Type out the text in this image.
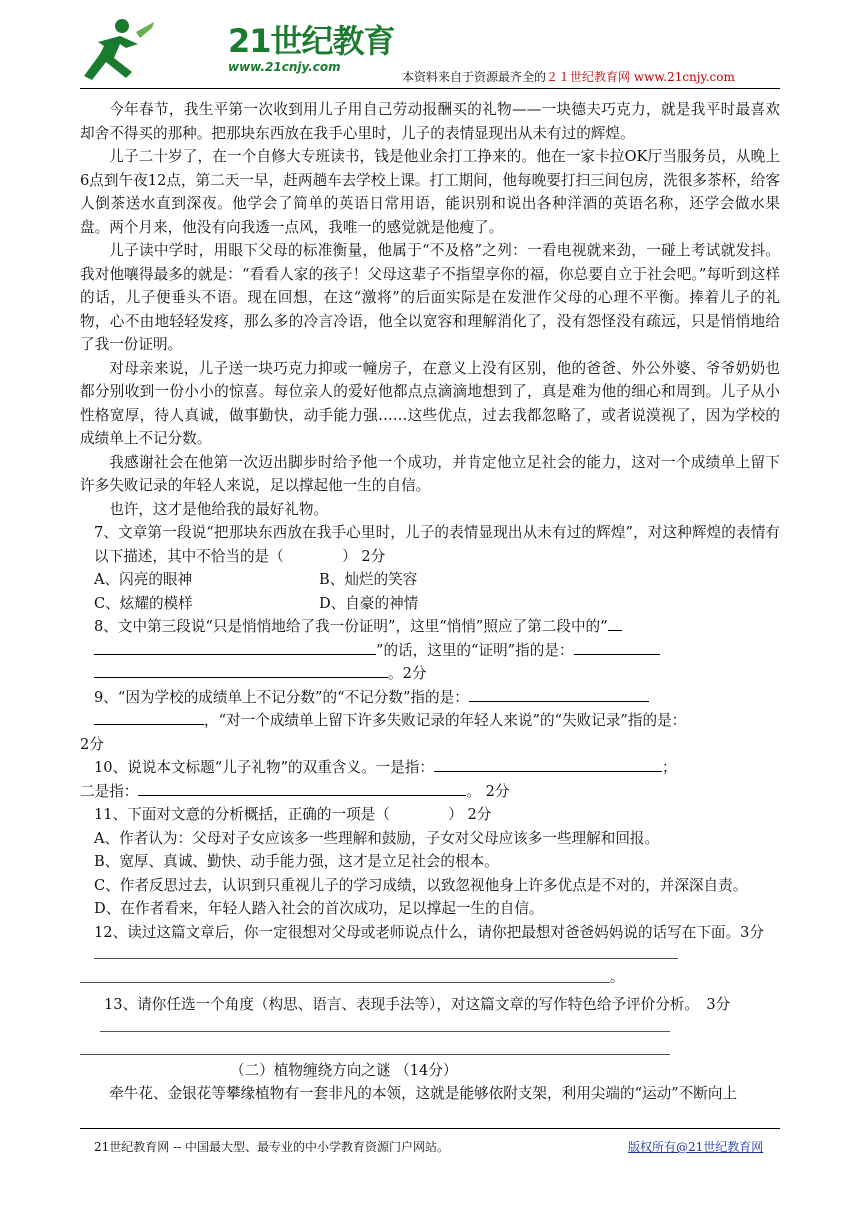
21世纪教育
www.21cnjy.com
本资料来自于资源最齐全的２１世纪教育网 www.21cnjy.com

今年春节，我生平第一次收到用儿子用自己劳动报酬买的礼物——一块德夫巧克力，就是我平时最喜欢却舍不得买的那种。把那块东西放在我手心里时，儿子的表情显现出从未有过的辉煌。

儿子二十岁了，在一个自修大专班读书，钱是他业余打工挣来的。他在一家卡拉OK厅当服务员，从晚上6点到午夜12点，第二天一早，赶两趟车去学校上课。打工期间，他每晚要打扫三间包房，洗很多茶杯，给客人倒茶送水直到深夜。他学会了简单的英语日常用语，能识别和说出各种洋酒的英语名称，还学会做水果盘。两个月来，他没有向我透一点风，我唯一的感觉就是他瘦了。

儿子读中学时，用眼下父母的标准衡量，他属于“不及格”之列：一看电视就来劲，一碰上考试就发抖。我对他嚷得最多的就是：“看看人家的孩子！父母这辈子不指望享你的福，你总要自立于社会吧。”每听到这样的话，儿子便垂头不语。现在回想，在这“激将”的后面实际是在发泄作父母的心理不平衡。捧着儿子的礼物，心不由地轻轻发疼，那么多的冷言冷语，他全以宽容和理解消化了，没有怨怪没有疏远，只是悄悄地给了我一份证明。

对母亲来说，儿子送一块巧克力抑或一幢房子，在意义上没有区别，他的爸爸、外公外婆、爷爷奶奶也都分别收到一份小小的惊喜。每位亲人的爱好他都点点滴滴地想到了，真是难为他的细心和周到。儿子从小性格宽厚，待人真诚，做事勤快，动手能力强……这些优点，过去我都忽略了，或者说漠视了，因为学校的成绩单上不记分数。

我感谢社会在他第一次迈出脚步时给予他一个成功，并肯定他立足社会的能力，这对一个成绩单上留下许多失败记录的年轻人来说，足以撑起他一生的自信。

也许，这才是他给我的最好礼物。

7、文章第一段说“把那块东西放在我手心里时，儿子的表情显现出从未有过的辉煌”，对这种辉煌的表情有以下描述，其中不恰当的是（　　　　） 2分

A、闪亮的眼神	B、灿烂的笑容
C、炫耀的模样	D、自豪的神情

8、文中第三段说“只是悄悄地给了我一份证明”，这里“悄悄”照应了第二段中的“

”的话，这里的“证明”指的是：

。2分

9、“因为学校的成绩单上不记分数”的“不记分数”指的是：

，“对一个成绩单上留下许多失败记录的年轻人来说”的“失败记录”指的是：

2分

10、说说本文标题“儿子礼物”的双重含义。一是指：	；

二是指：	。 2分

11、下面对文意的分析概括，正确的一项是（　　　　） 2分

A、作者认为：父母对子女应该多一些理解和鼓励，子女对父母应该多一些理解和回报。

B、宽厚、真诚、勤快、动手能力强，这才是立足社会的根本。

C、作者反思过去，认识到只重视儿子的学习成绩，以致忽视他身上许多优点是不对的，并深深自责。

D、在作者看来，年轻人踏入社会的首次成功，足以撑起一生的自信。

12、读过这篇文章后，你一定很想对父母或老师说点什么，请你把最想对爸爸妈妈说的话写在下面。3分

。

13、请你任选一个角度（构思、语言、表现手法等），对这篇文章的写作特色给予评价分析。　3分

（二）植物缠绕方向之谜 （14分）

牵牛花、金银花等攀缘植物有一套非凡的本领，这就是能够依附支架，利用尖端的“运动”不断向上

21世纪教育网 -- 中国最大型、最专业的中小学教育资源门户网站。	版权所有@21世纪教育网
